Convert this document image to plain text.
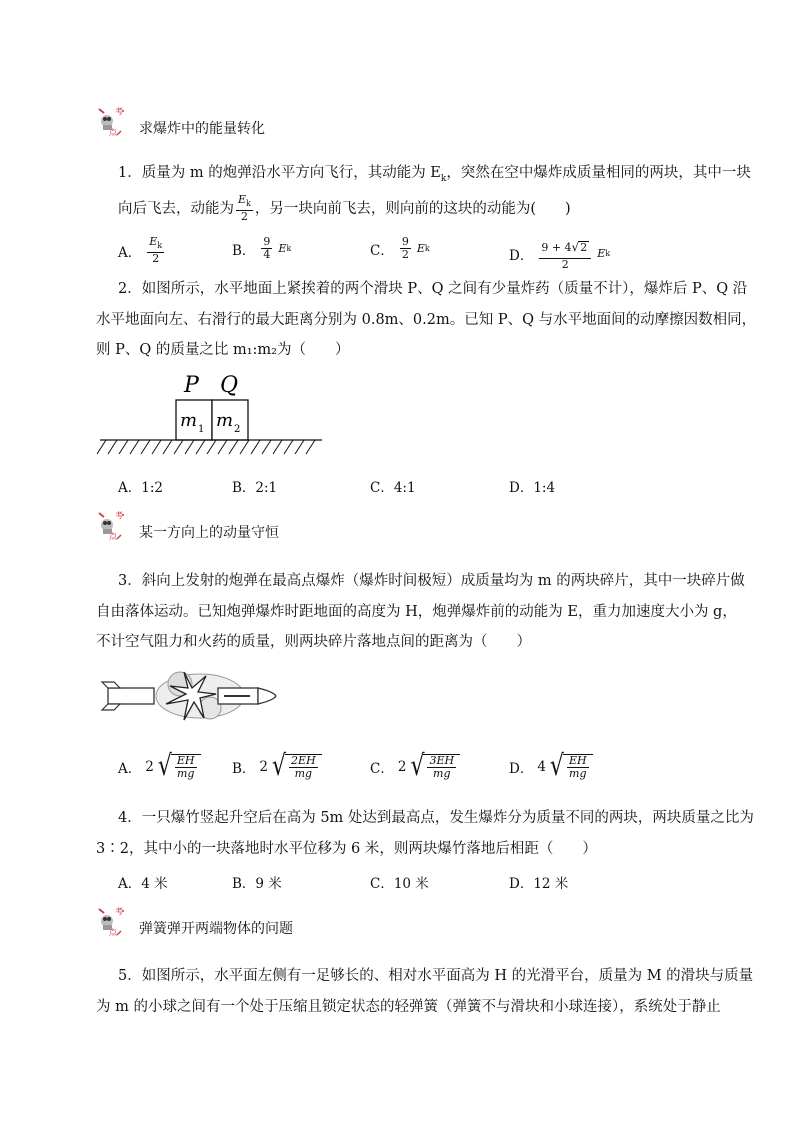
考
点 求爆炸中的能量转化
1．质量为 m 的炮弹沿水平方向飞行，其动能为 $E_k$，突然在空中爆炸成质量相同的两块，其中一块
向后飞去，动能为 $\frac{E_k}{2}$ ，另一块向前飞去，则向前的这块的动能为(　　)
A． $\frac{E_k}{2}$	B． $\frac{9}{4}$ E k	C． $\frac{9}{2}$ E k	D． $\frac{9 + 4 √ 2}{2}$ E k
2．如图所示，水平地面上紧挨着的两个滑块 P、Q 之间有少量炸药（质量不计），爆炸后 P、Q 沿
水平地面向左、右滑行的最大距离分别为 0.8m、0.2m。已知 P、Q 与水平地面间的动摩擦因数相同，
则 P、Q 的质量之比 m₁:m₂为（　　）
P Q
m 1 m 2
A．1:2	B．2:1	C．4:1	D．1:4
考
点 某一方向上的动量守恒
3．斜向上发射的炮弹在最高点爆炸（爆炸时间极短）成质量均为 m 的两块碎片，其中一块碎片做
自由落体运动。已知炮弹爆炸时距地面的高度为 H，炮弹爆炸前的动能为 E，重力加速度大小为 g，
不计空气阻力和火药的质量，则两块碎片落地点间的距离为（　　）
A． 2 √ $\frac{EH}{mg}$	B． 2 √ $\frac{2EH}{mg}$	C． 2 √ $\frac{3EH}{mg}$	D． 4 √ $\frac{EH}{mg}$
4．一只爆竹竖起升空后在高为 5m 处达到最高点，发生爆炸分为质量不同的两块，两块质量之比为
3∶2，其中小的一块落地时水平位移为 6 米，则两块爆竹落地后相距（　　）
A．4 米	B．9 米	C．10 米	D．12 米
考
点 弹簧弹开两端物体的问题
5．如图所示，水平面左侧有一足够长的、相对水平面高为 H 的光滑平台，质量为 M 的滑块与质量
为 m 的小球之间有一个处于压缩且锁定状态的轻弹簧（弹簧不与滑块和小球连接），系统处于静止
